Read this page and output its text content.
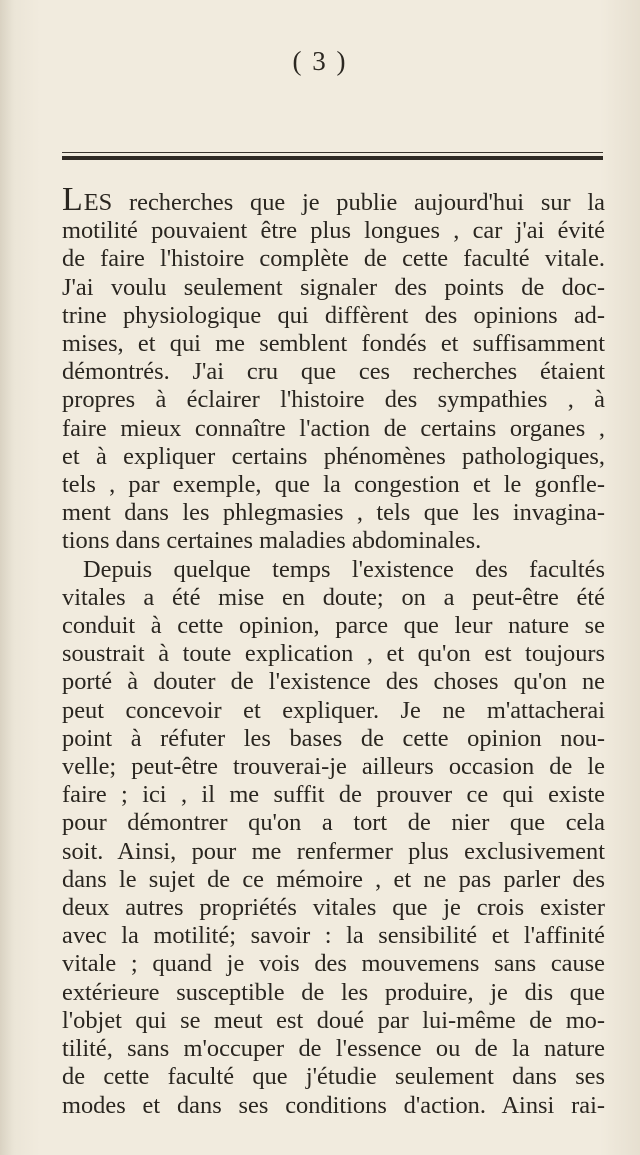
( 3 )
LES recherches que je publie aujourd'hui sur la
motilité pouvaient être plus longues , car j'ai évité
de faire l'histoire complète de cette faculté vitale.
J'ai voulu seulement signaler des points de doc-
trine physiologique qui diffèrent des opinions ad-
mises, et qui me semblent fondés et suffisamment
démontrés. J'ai cru que ces recherches étaient
propres à éclairer l'histoire des sympathies , à
faire mieux connaître l'action de certains organes ,
et à expliquer certains phénomènes pathologiques,
tels , par exemple, que la congestion et le gonfle-
ment dans les phlegmasies , tels que les invagina-
tions dans certaines maladies abdominales.
Depuis quelque temps l'existence des facultés
vitales a été mise en doute; on a peut-être été
conduit à cette opinion, parce que leur nature se
soustrait à toute explication , et qu'on est toujours
porté à douter de l'existence des choses qu'on ne
peut concevoir et expliquer. Je ne m'attacherai
point à réfuter les bases de cette opinion nou-
velle; peut-être trouverai-je ailleurs occasion de le
faire ; ici , il me suffit de prouver ce qui existe
pour démontrer qu'on a tort de nier que cela
soit. Ainsi, pour me renfermer plus exclusivement
dans le sujet de ce mémoire , et ne pas parler des
deux autres propriétés vitales que je crois exister
avec la motilité; savoir : la sensibilité et l'affinité
vitale ; quand je vois des mouvemens sans cause
extérieure susceptible de les produire, je dis que
l'objet qui se meut est doué par lui-même de mo-
tilité, sans m'occuper de l'essence ou de la nature
de cette faculté que j'étudie seulement dans ses
modes et dans ses conditions d'action. Ainsi rai-
